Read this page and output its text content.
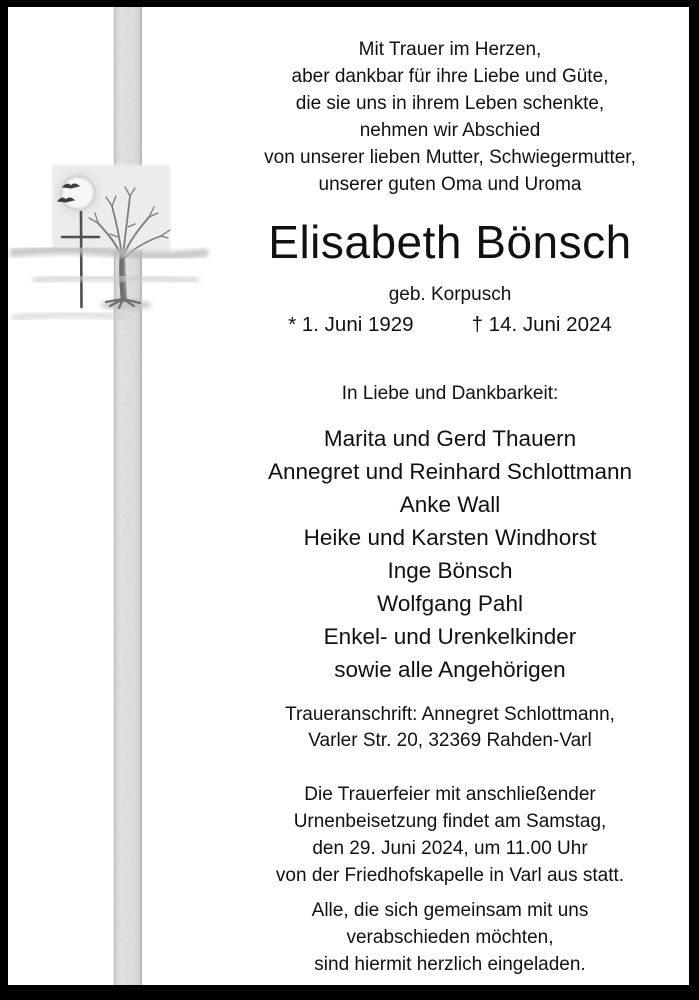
Mit Trauer im Herzen,
aber dankbar für ihre Liebe und Güte,
die sie uns in ihrem Leben schenkte,
nehmen wir Abschied
von unserer lieben Mutter, Schwiegermutter,
unserer guten Oma und Uroma
Elisabeth Bönsch
geb. Korpusch
* 1. Juni 1929	† 14. Juni 2024
In Liebe und Dankbarkeit:
Marita und Gerd Thauern
Annegret und Reinhard Schlottmann
Anke Wall
Heike und Karsten Windhorst
Inge Bönsch
Wolfgang Pahl
Enkel- und Urenkelkinder
sowie alle Angehörigen
Traueranschrift: Annegret Schlottmann,
Varler Str. 20, 32369 Rahden-Varl
Die Trauerfeier mit anschließender
Urnenbeisetzung findet am Samstag,
den 29. Juni 2024, um 11.00 Uhr
von der Friedhofskapelle in Varl aus statt.
Alle, die sich gemeinsam mit uns
verabschieden möchten,
sind hiermit herzlich eingeladen.
